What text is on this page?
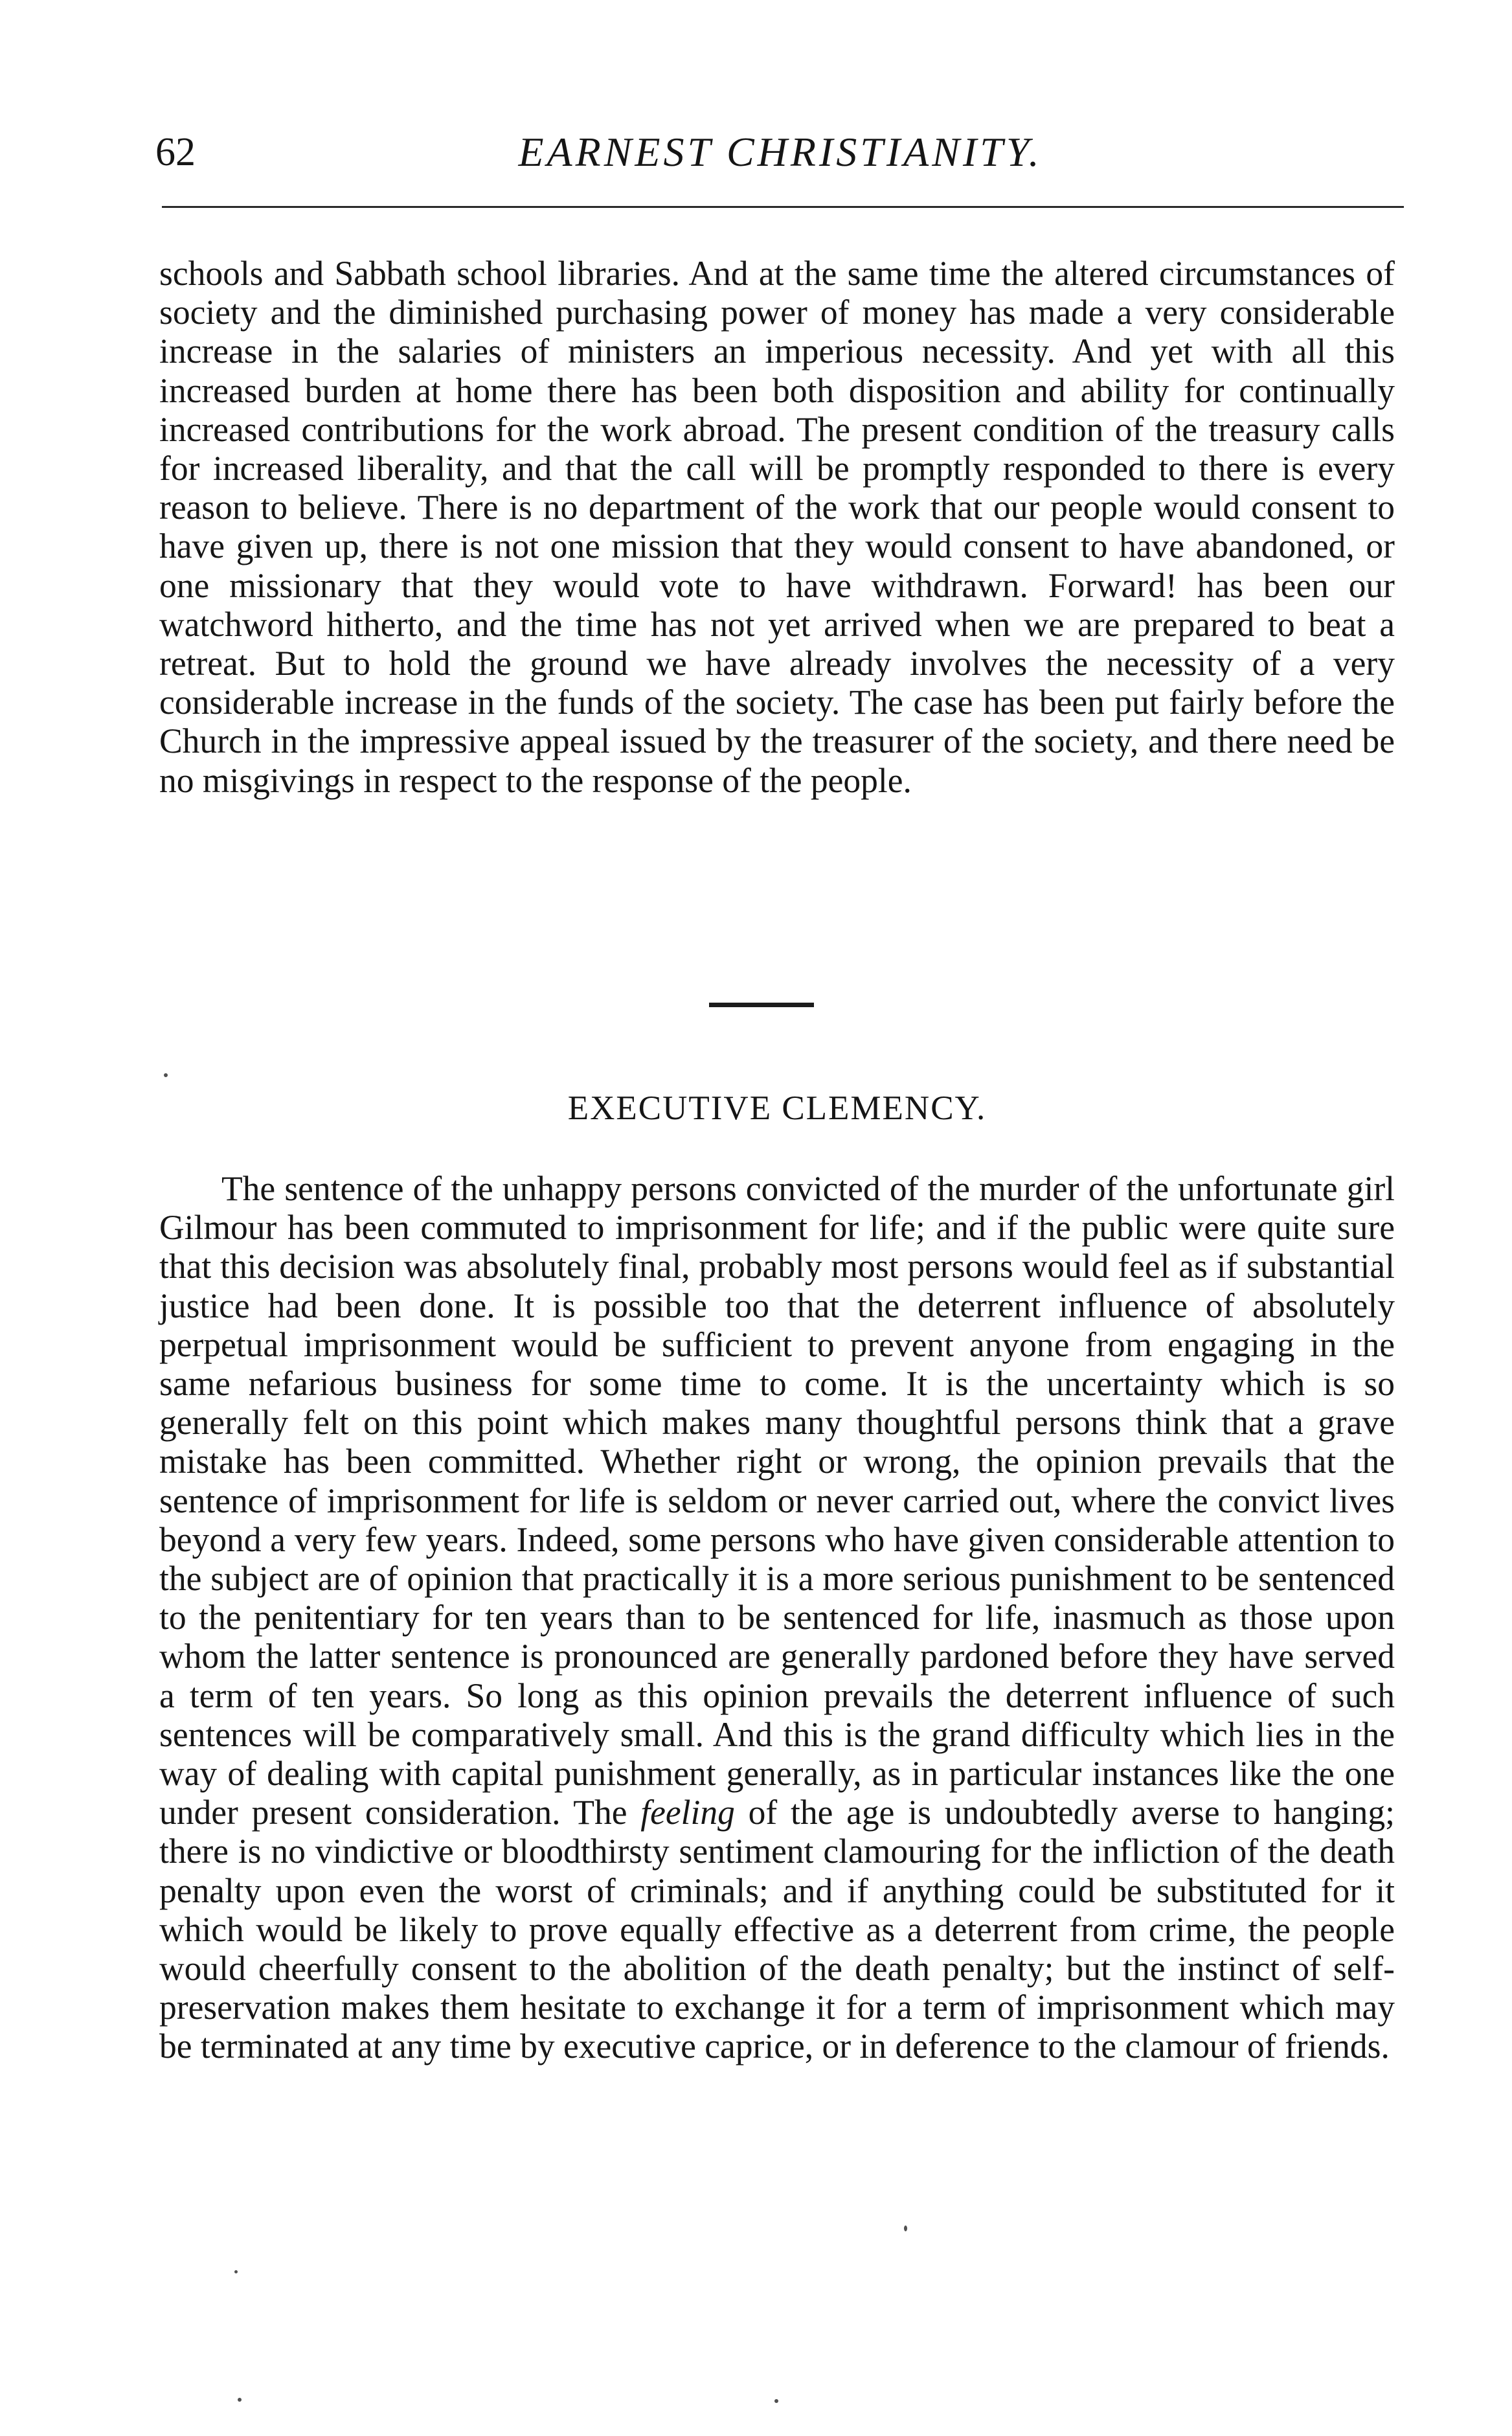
62	EARNEST CHRISTIANITY.

schools and Sabbath school libraries. And at the same time the altered circumstances of society and the diminished purchasing power of money has made a very considerable increase in the salaries of ministers an imperious necessity. And yet with all this increased burden at home there has been both disposition and ability for continually increased contributions for the work abroad. The present condition of the treasury calls for increased liberality, and that the call will be promptly responded to there is every reason to believe. There is no department of the work that our people would consent to have given up, there is not one mission that they would consent to have abandoned, or one missionary that they would vote to have withdrawn. Forward! has been our watchword hitherto, and the time has not yet arrived when we are prepared to beat a retreat. But to hold the ground we have already involves the necessity of a very considerable increase in the funds of the society. The case has been put fairly before the Church in the impressive appeal issued by the treasurer of the society, and there need be no misgivings in respect to the response of the people.

EXECUTIVE CLEMENCY.

The sentence of the unhappy persons convicted of the murder of the unfortunate girl Gilmour has been commuted to imprisonment for life; and if the public were quite sure that this decision was absolutely final, probably most persons would feel as if substantial justice had been done. It is possible too that the deterrent influence of absolutely perpetual imprisonment would be sufficient to prevent anyone from engaging in the same nefarious business for some time to come. It is the uncertainty which is so generally felt on this point which makes many thoughtful persons think that a grave mistake has been committed. Whether right or wrong, the opinion prevails that the sentence of imprisonment for life is seldom or never carried out, where the convict lives beyond a very few years. Indeed, some persons who have given considerable attention to the subject are of opinion that practically it is a more serious punishment to be sentenced to the penitentiary for ten years than to be sentenced for life, inasmuch as those upon whom the latter sentence is pronounced are generally pardoned before they have served a term of ten years. So long as this opinion prevails the deterrent influence of such sentences will be comparatively small. And this is the grand difficulty which lies in the way of dealing with capital punishment generally, as in particular instances like the one under present consideration. The feeling of the age is undoubtedly averse to hanging; there is no vindictive or bloodthirsty sentiment clamouring for the infliction of the death penalty upon even the worst of criminals; and if anything could be substituted for it which would be likely to prove equally effective as a deterrent from crime, the people would cheerfully consent to the abolition of the death penalty; but the instinct of self-preservation makes them hesitate to exchange it for a term of imprisonment which may be terminated at any time by executive caprice, or in deference to the clamour of friends.
